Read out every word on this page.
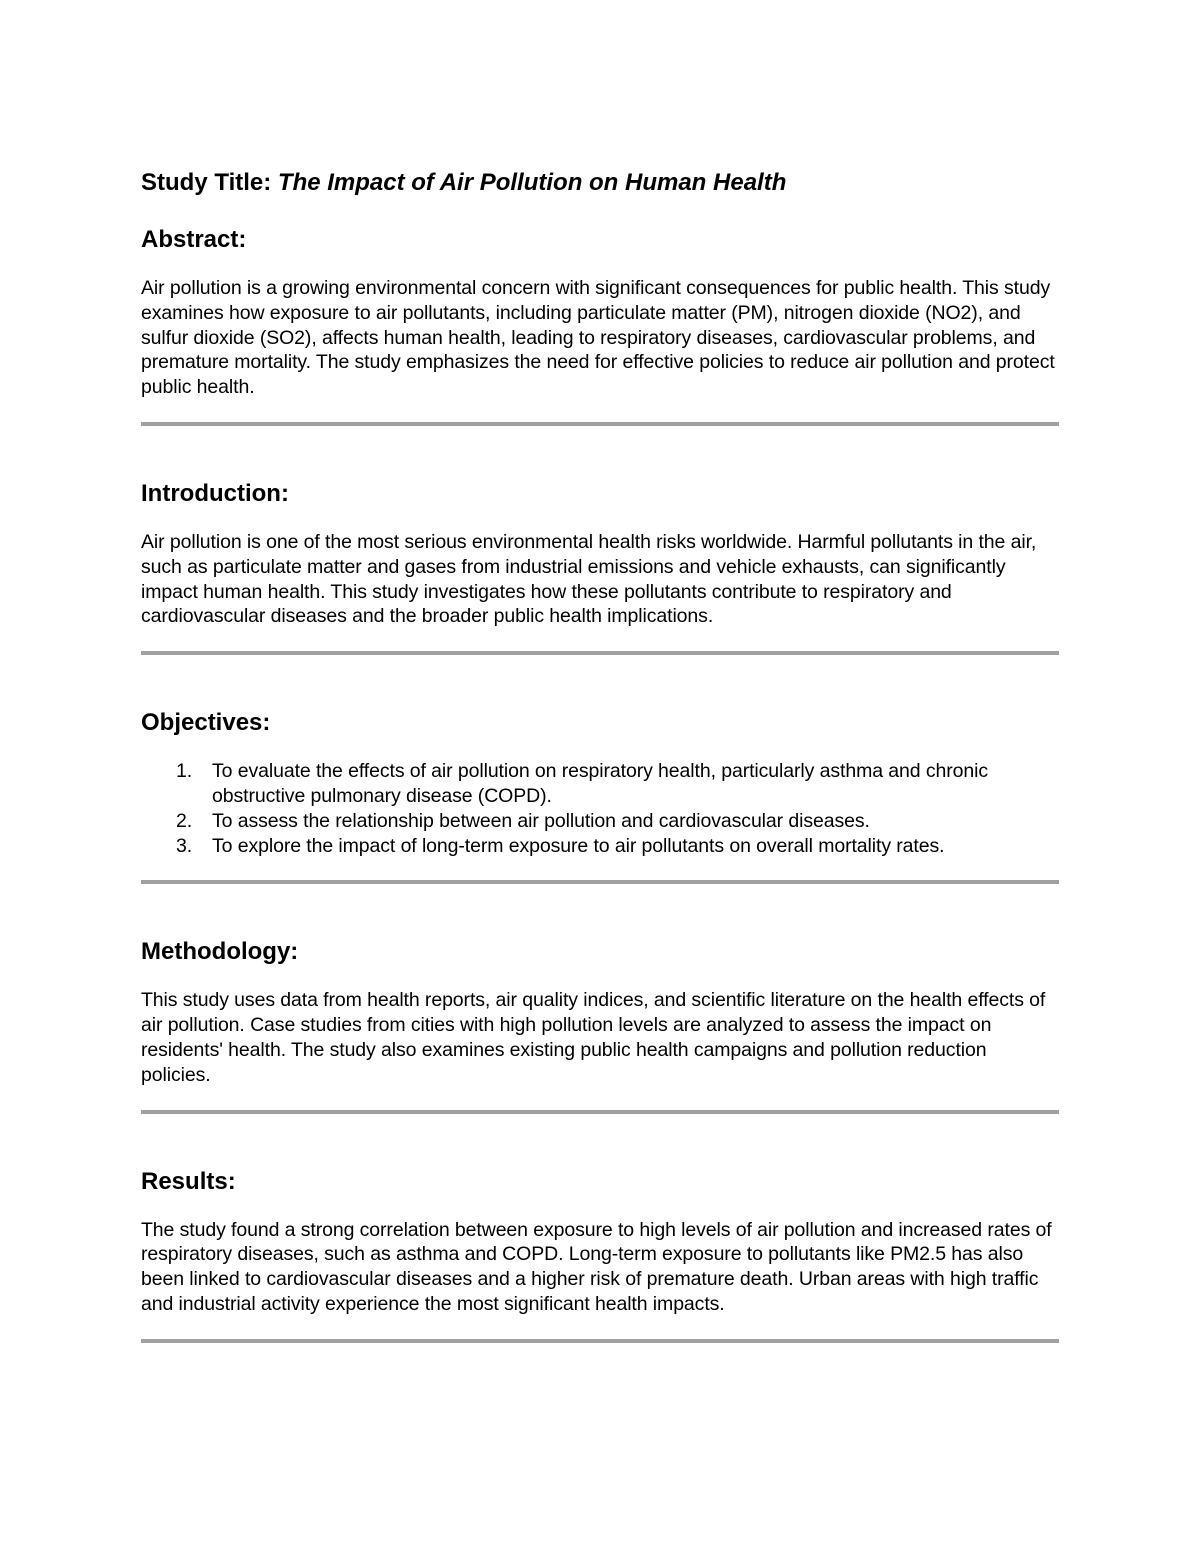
Study Title: The Impact of Air Pollution on Human Health

Abstract:

Air pollution is a growing environmental concern with significant consequences for public health. This study examines how exposure to air pollutants, including particulate matter (PM), nitrogen dioxide (NO2), and sulfur dioxide (SO2), affects human health, leading to respiratory diseases, cardiovascular problems, and premature mortality. The study emphasizes the need for effective policies to reduce air pollution and protect public health.

Introduction:

Air pollution is one of the most serious environmental health risks worldwide. Harmful pollutants in the air, such as particulate matter and gases from industrial emissions and vehicle exhausts, can significantly impact human health. This study investigates how these pollutants contribute to respiratory and cardiovascular diseases and the broader public health implications.

Objectives:
1.	To evaluate the effects of air pollution on respiratory health, particularly asthma and chronic obstructive pulmonary disease (COPD).
2.	To assess the relationship between air pollution and cardiovascular diseases.
3.	To explore the impact of long-term exposure to air pollutants on overall mortality rates.
Methodology:

This study uses data from health reports, air quality indices, and scientific literature on the health effects of air pollution. Case studies from cities with high pollution levels are analyzed to assess the impact on residents' health. The study also examines existing public health campaigns and pollution reduction policies.

Results:

The study found a strong correlation between exposure to high levels of air pollution and increased rates of respiratory diseases, such as asthma and COPD. Long-term exposure to pollutants like PM2.5 has also been linked to cardiovascular diseases and a higher risk of premature death. Urban areas with high traffic and industrial activity experience the most significant health impacts.
